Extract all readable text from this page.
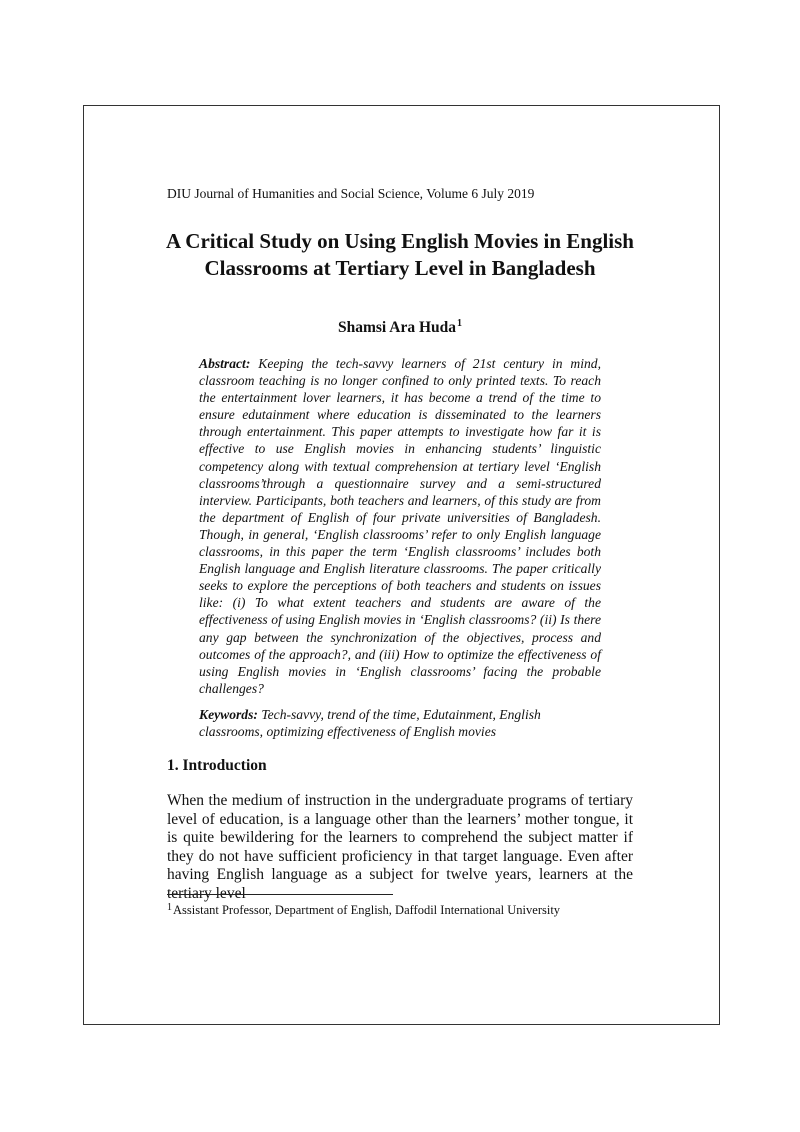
DIU Journal of Humanities and Social Science, Volume 6 July 2019
A Critical Study on Using English Movies in English Classrooms at Tertiary Level in Bangladesh
Shamsi Ara Huda$^1$

Abstract: Keeping the tech-savvy learners of 21st century in mind, classroom teaching is no longer confined to only printed texts. To reach the entertainment lover learners, it has become a trend of the time to ensure edutainment where education is disseminated to the learners through entertainment. This paper attempts to investigate how far it is effective to use English movies in enhancing students’ linguistic competency along with textual comprehension at tertiary level ‘English classrooms’through a questionnaire survey and a semi-structured interview. Participants, both teachers and learners, of this study are from the department of English of four private universities of Bangladesh. Though, in general, ‘English classrooms’ refer to only English language classrooms, in this paper the term ‘English classrooms’ includes both English language and English literature classrooms. The paper critically seeks to explore the perceptions of both teachers and students on issues like: (i) To what extent teachers and students are aware of the effectiveness of using English movies in ‘English classrooms? (ii) Is there any gap between the synchronization of the objectives, process and outcomes of the approach?, and (iii) How to optimize the effectiveness of using English movies in ‘English classrooms’ facing the probable challenges?

Keywords: Tech-savvy, trend of the time, Edutainment, English classrooms, optimizing effectiveness of English movies

1. Introduction

When the medium of instruction in the undergraduate programs of tertiary level of education, is a language other than the learners’ mother tongue, it is quite bewildering for the learners to comprehend the subject matter if they do not have sufficient proficiency in that target language. Even after having English language as a subject for twelve years, learners at the tertiary level

$^1$Assistant Professor, Department of English, Daffodil International University
